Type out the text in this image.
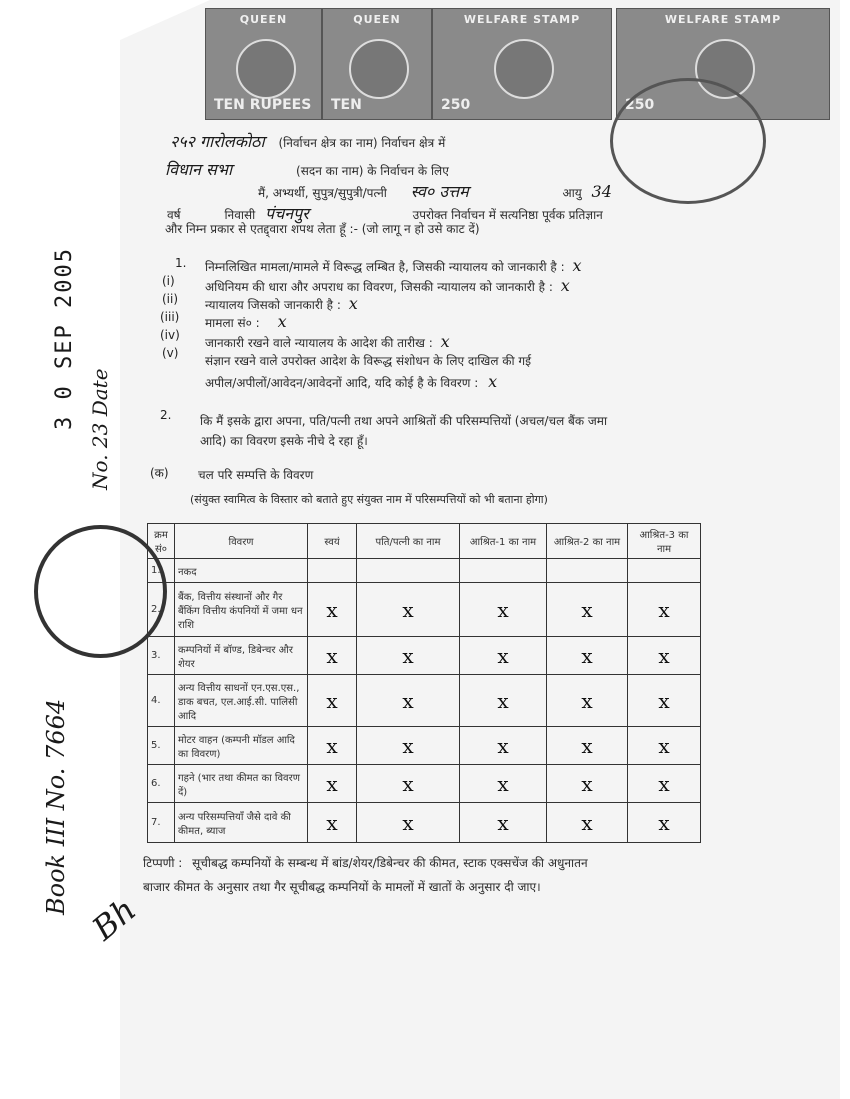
QUEEN
TEN RUPEES
QUEEN
TEN
WELFARE STAMP
250
WELFARE STAMP
250
२५२ गारोलकोठा (निर्वाचन क्षेत्र का नाम) निर्वाचन क्षेत्र में
विधान सभा	(सदन का नाम) के निर्वाचन के लिए
मैं, अभ्यर्थी, सुपुत्र/सुपुत्री/पत्नी स्व० उत्तम	आयु 34
वर्ष	निवासी पंचनपुर	उपरोक्त निर्वाचन में सत्यनिष्ठा पूर्वक प्रतिज्ञान
और निम्न प्रकार से एतद्द्वारा शपथ लेता हूँ :- (जो लागू न हो उसे काट दें)
1. निम्नलिखित मामला/मामले में विरूद्ध लम्बित है, जिसकी न्यायालय को जानकारी है : x
(i)	अधिनियम की धारा और अपराध का विवरण, जिसकी न्यायालय को जानकारी है : x
(ii) न्यायालय जिसको जानकारी है : x
(iii) मामला सं० : x
(iv)
जानकारी रखने वाले न्यायालय के आदेश की तारीख : x
(v)
संज्ञान रखने वाले उपरोक्त आदेश के विरूद्ध संशोधन के लिए दाखिल की गई
अपील/अपीलों/आवेदन/आवेदनों आदि, यदि कोई है के विवरण : x
2. कि मैं इसके द्वारा अपना, पति/पत्नी तथा अपने आश्रितों की परिसम्पत्तियों (अचल/चल बैंक जमा
आदि) का विवरण इसके नीचे दे रहा हूँ।
(क) चल परि सम्पत्ति के विवरण
(संयुक्त स्वामित्व के विस्तार को बताते हुए संयुक्त नाम में परिसम्पत्तियों को भी बताना होगा)
क्रम सं०	विवरण	स्वयं	पति/पत्नी का नाम	आश्रित-1 का नाम	आश्रित-2 का नाम	आश्रित-3 का नाम
1.	नकद					
2.	बैंक, वित्तीय संस्थानों और गैर बैंकिंग वित्तीय कंपनियों में जमा धन राशि	x	x	x	x	x
3.	कम्पनियों में बॉण्ड, डिबेन्चर और शेयर	x	x	x	x	x
4.	अन्य वित्तीय साधनों एन.एस.एस., डाक बचत, एल.आई.सी. पालिसी आदि	x	x	x	x	x
5.	मोटर वाहन (कम्पनी मॉडल आदि का विवरण)	x	x	x	x	x
6.	गहने (भार तथा कीमत का विवरण दें)	x	x	x	x	x
7.	अन्य परिसम्पत्तियाँ जैसे दावे की कीमत, ब्याज	x	x	x	x	x
टिप्पणी : सूचीबद्ध कम्पनियों के सम्बन्ध में बांड/शेयर/डिबेन्चर की कीमत, स्टाक एक्सचेंज की अधुनातन
बाजार कीमत के अनुसार तथा गैर सूचीबद्ध कम्पनियों के मामलों में खातों के अनुसार दी जाए।
3 0 SEP 2005 No. 23 Date
Book III No. 7664
Bh
